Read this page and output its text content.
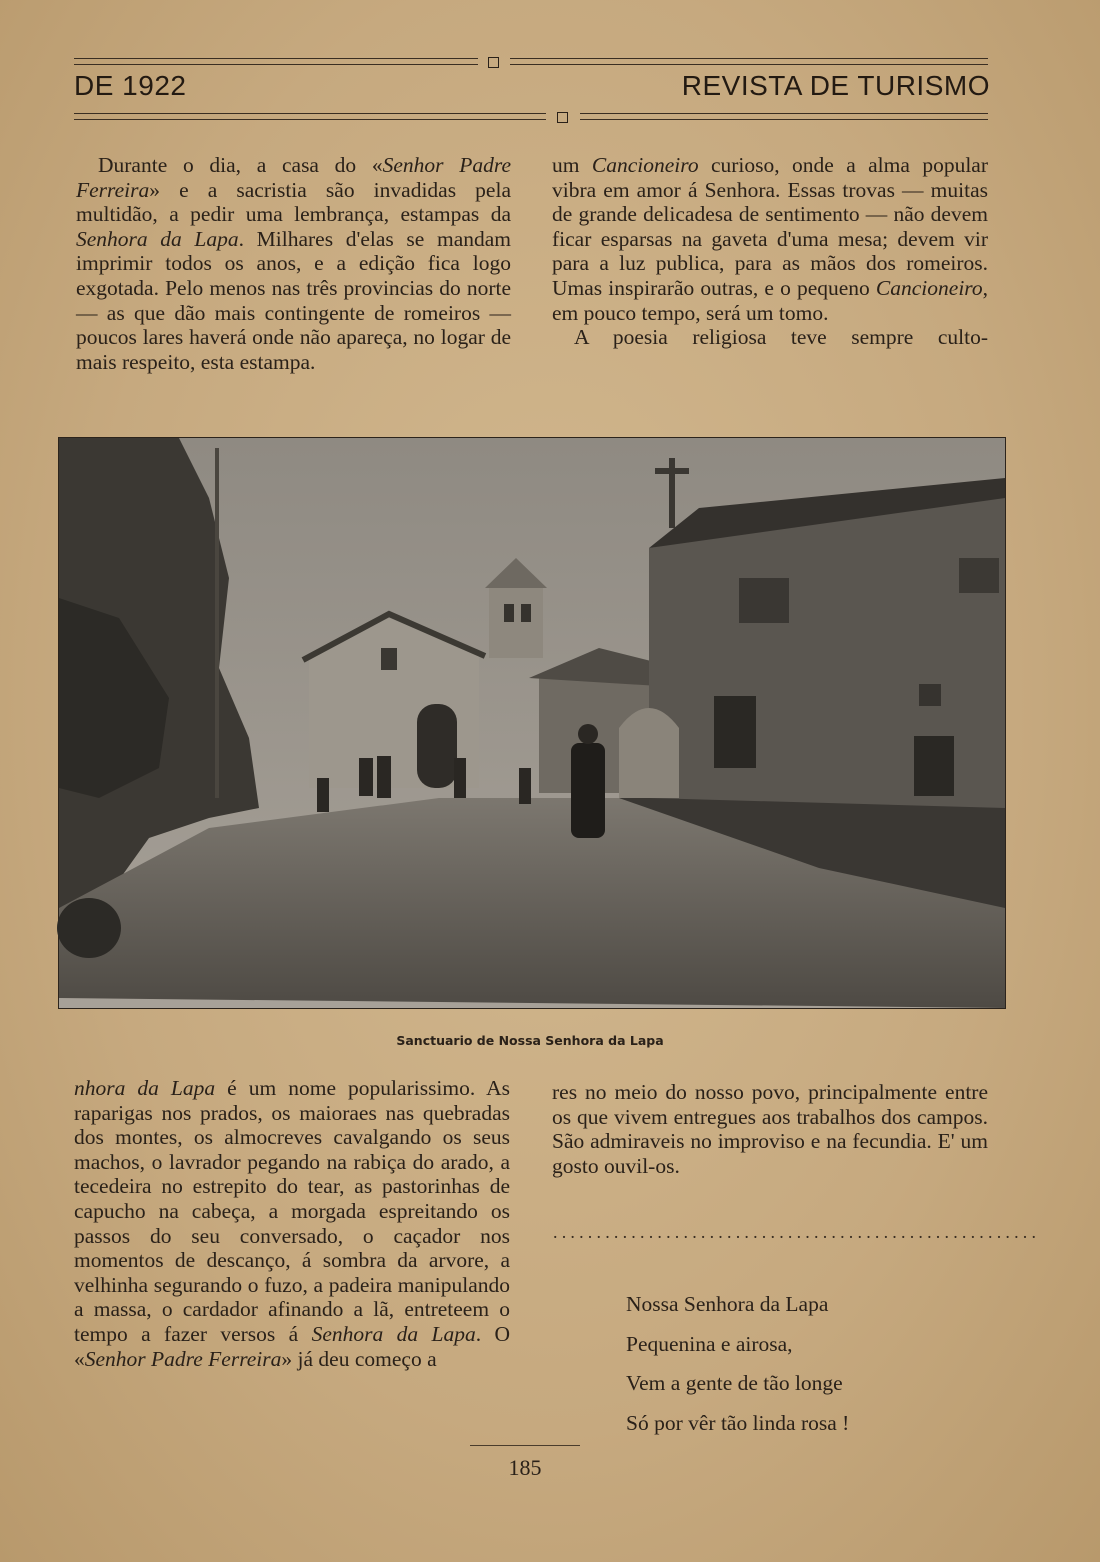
DE 1922	REVISTA DE TURISMO

Durante o dia, a casa do «Senhor Padre Ferreira» e a sacristia são invadidas pela multidão, a pedir uma lembrança, estampas da Senhora da Lapa. Milhares d'elas se mandam imprimir todos os anos, e a edição fica logo exgotada. Pelo menos nas três provincias do norte — as que dão mais contingente de romeiros — poucos lares haverá onde não apareça, no logar de mais respeito, esta estampa.

um Cancioneiro curioso, onde a alma popular vibra em amor á Senhora. Essas trovas — muitas de grande delicadesa de sentimento — não devem ficar esparsas na gaveta d'uma mesa; devem vir para a luz publica, para as mãos dos romeiros. Umas inspirarão outras, e o pequeno Cancioneiro, em pouco tempo, será um tomo.

A poesia religiosa teve sempre culto-

Sanctuario de Nossa Senhora da Lapa

nhora da Lapa é um nome popularissimo. As raparigas nos prados, os maioraes nas quebradas dos montes, os almocreves cavalgando os seus machos, o lavrador pegando na rabiça do arado, a tecedeira no estrepito do tear, as pastorinhas de capucho na cabeça, a morgada espreitando os passos do seu conversado, o caçador nos momentos de descanço, á sombra da arvore, a velhinha segurando o fuzo, a padeira manipulando a massa, o cardador afinando a lã, entreteem o tempo a fazer versos á Senhora da Lapa. O «Senhor Padre Ferreira» já deu começo a

res no meio do nosso povo, principalmente entre os que vivem entregues aos trabalhos dos campos. São admiraveis no improviso e na fecundia. E' um gosto ouvil-os.

........................................................
Nossa Senhora da Lapa
Pequenina e airosa,
Vem a gente de tão longe
Só por vêr tão linda rosa !
185
